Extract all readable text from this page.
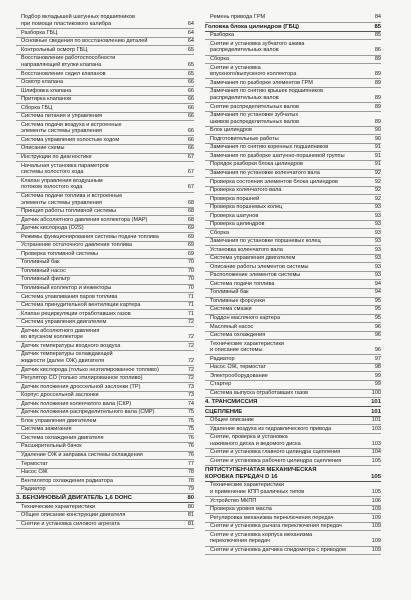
Подбор вкладышей шатунных подшипников
при помощи пластикового калибра	64
Разборка ГБЦ	64
Основные сведения по восстановлению деталей	64
Контрольный осмотр ГБЦ	65
Восстановление работоспособности
направляющей втулки клапана	65
Восстановление седел клапанов	65
Осмотр клапана	66
Шлифовка клапана	66
Притирка клапанов	66
Сборка ГБЦ	66
Система питания и управления	66
Система подачи воздуха и встроенные
элементы системы управления	66
Система управления холостым ходом	66
Описание схемы	66
Инструкции по диагностике	67
Начальная установка параметров
системы холостого хода	67
Клапан управления воздушным
потоком холостого хода	67
Система подачи топлива и встроенные
элементы системы управления	68
Принцип работы топливной системы	68
Датчик абсолютного давления коллектора (MAP)	68
Датчик кислорода (O2S)	69
Режимы функционирования системы подачи топлива	69
Устранение остаточного давления топлива	69
Проверка топливной системы	69
Топливный бак	70
Топливный насос	70
Топливный фильтр	70
Топливный коллектор и инжекторы	70
Система улавливания паров топлива	71
Система принудительной вентиляции картера	71
Клапан рециркуляции отработавших газов	71
Система управления двигателем	72
Датчик абсолютного давления
во впускном коллекторе	72
Датчик температуры входного воздуха	72
Датчик температуры охлаждающей
жидкости (далее ОЖ) двигателя	72
Датчик кислорода (только неэтилированное топливо)	72
Регулятор CO (только этилированное топливо)	72
Датчик положения дроссельной заслонки (ТР)	73
Корпус дроссельной заслонки	73
Датчик положения коленчатого вала (СКР)	74
Датчик положения распределительного вала (СМР)	75
Блок управления двигателем	75
Система зажигания	75
Система охлаждения двигателя	76
Расширительный бачок	76
Удаление ОЖ и заправка системы охлаждения	76
Термостат	77
Насос ОЖ	78
Вентилятор охлаждения радиатора	78
Радиатор	79
3. БЕНЗИНОВЫЙ ДВИГАТЕЛЬ 1,6 DOHC	80
Технические характеристики	80
Общее описание конструкции двигателя	81
Снятие и установка силового агрегата	81
Ремень привода ГРМ	84
Головка блока цилиндров (ГБЦ)	85
Разборка	85
Снятие и установка зубчатого шкива
распределительных валов	86
Сборка	89
Снятие и установка
впускного/выпускного коллектора	89
Замечания по разборке элементов ГРМ	89
Замечания по снятию крышек подшипников
распределительных валов	89
Снятие распределительных валов	89
Замечания по установке зубчатых
шкивов распределительных валов	89
Блок цилиндров	90
Подготовительные работы	90
Замечания по снятию коренных подшипников	91
Замечания по разборке шатунно-поршневой группы	91
Порядок разборки блока цилиндров	91
Замечания по установке коленчатого вала	92
Проверка состояния элементов блока цилиндров	92
Проверка коленчатого вала	92
Проверка поршней	92
Проверка поршневых колец	93
Проверка шатунов	93
Проверка цилиндров	93
Сборка	93
Замечания по установке поршневых колец	93
Установка коленчатого вала	93
Система управления двигателем	93
Описание работы элементов системы	93
Расположение элементов системы	93
Система подачи топлива	94
Топливный бак	94
Топливные форсунки	95
Система смазки	95
Поддон масляного картера	95
Масляный насос	96
Система охлаждения	96
Технические характеристики
и описание системы	96
Радиатор	97
Насос ОЖ, термостат	98
Электрооборудование	99
Стартер	99
Система выпуска отработавших газов	100
4. ТРАНСМИССИЯ	101
СЦЕПЛЕНИЕ	101
Общее описание	101
Удаление воздуха из гидравлического привода	103
Снятие, проверка и установка
нажимного диска и ведомого диска	103
Снятие и установка главного цилиндра сцепления	104
Снятие и установка рабочего цилиндра сцепления	105
ПЯТИСТУПЕНЧАТАЯ МЕХАНИЧЕСКАЯ
КОРОБКА ПЕРЕДАЧ D 16	105
Технические характеристики
и применение КПП различных типов	105
Устройство МКПП	106
Проверка уровня масла	109
Регулировка механизма переключения передач	109
Снятие и установка рычага переключения передач	109
Снятие и установка корпуса механизма
переключения передач	109
Снятие и установка датчика спидометра с приводом	109
